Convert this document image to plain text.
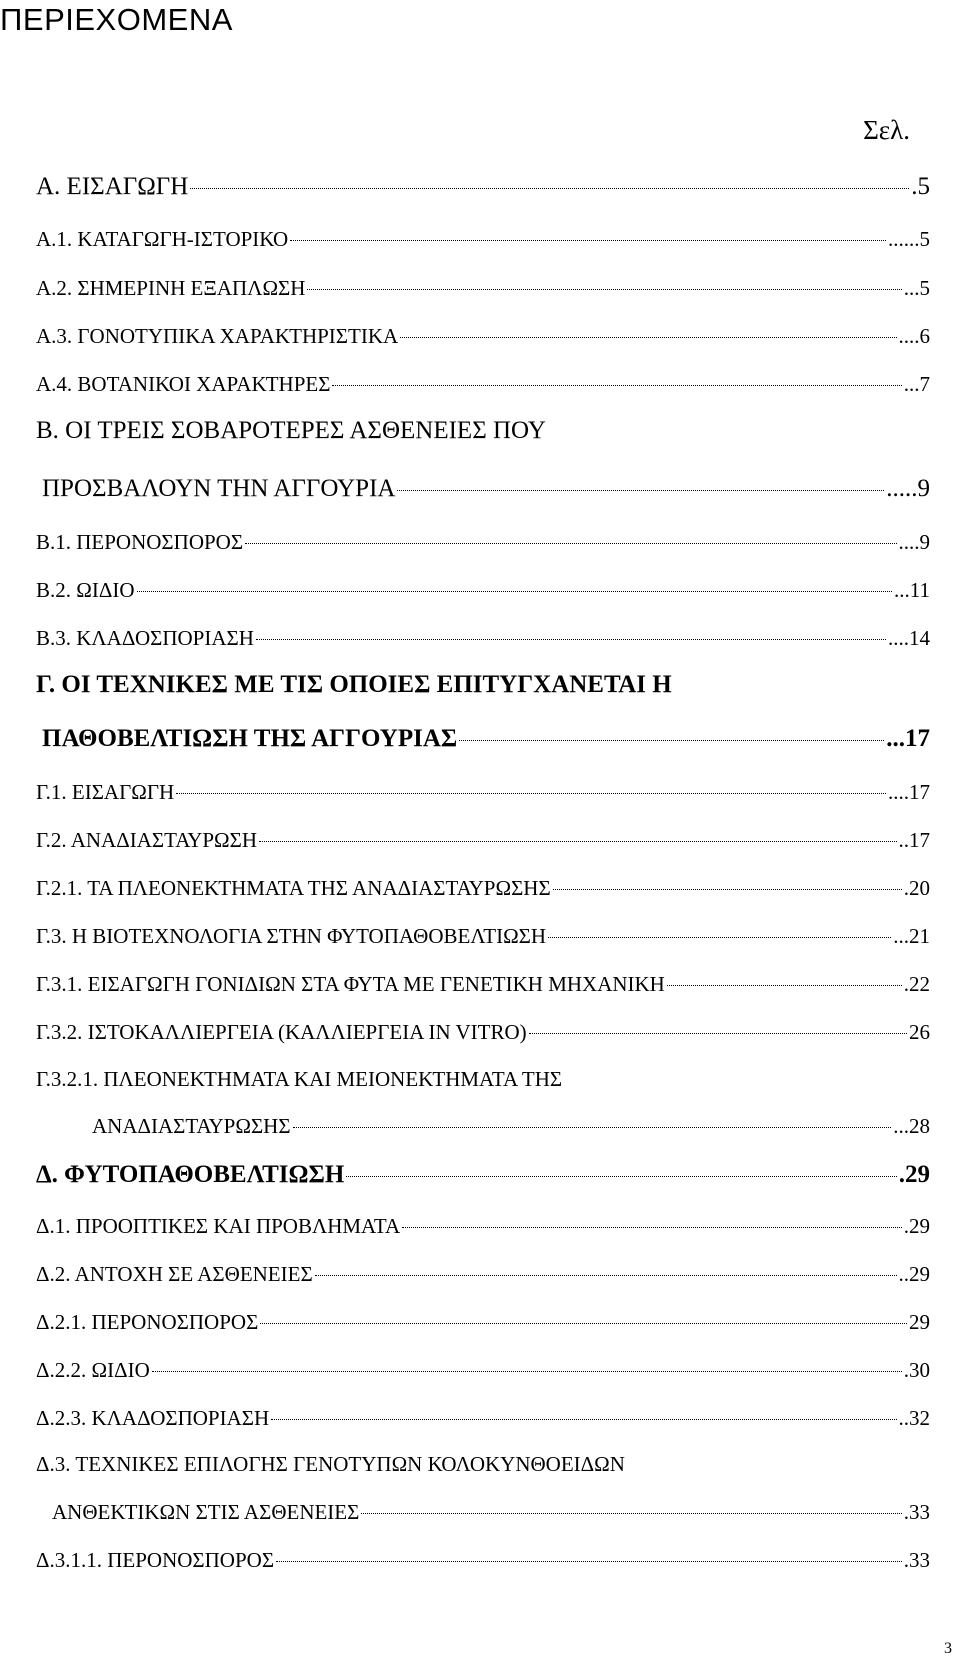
ΠΕΡΙΕΧΟΜΕΝΑ
Σελ.
Α. ΕΙΣΑΓΩΓΗ	.5
Α.1. ΚΑΤΑΓΩΓΗ-ΙΣΤΟΡΙΚΟ	......5
Α.2. ΣΗΜΕΡΙΝΗ ΕΞΑΠΛΩΣΗ	...5
Α.3. ΓΟΝΟΤΥΠΙΚΑ ΧΑΡΑΚΤΗΡΙΣΤΙΚΑ	....6
Α.4. ΒΟΤΑΝΙΚΟΙ ΧΑΡΑΚΤΗΡΕΣ	...7
Β. ΟΙ ΤΡΕΙΣ ΣΟΒΑΡΟΤΕΡΕΣ ΑΣΘΕΝΕΙΕΣ ΠΟΥ
ΠΡΟΣΒΑΛΟΥΝ ΤΗΝ ΑΓΓΟΥΡΙΑ	.....9
Β.1. ΠΕΡΟΝΟΣΠΟΡΟΣ	....9
Β.2. ΩΙΔΙΟ	...11
Β.3. ΚΛΑΔΟΣΠΟΡΙΑΣΗ	....14
Γ. ΟΙ ΤΕΧΝΙΚΕΣ ΜΕ ΤΙΣ ΟΠΟΙΕΣ ΕΠΙΤΥΓΧΑΝΕΤΑΙ Η
ΠΑΘΟΒΕΛΤΙΩΣΗ ΤΗΣ ΑΓΓΟΥΡΙΑΣ	...17
Γ.1. ΕΙΣΑΓΩΓΗ	....17
Γ.2. ΑΝΑΔΙΑΣΤΑΥΡΩΣΗ	..17
Γ.2.1. ΤΑ ΠΛΕΟΝΕΚΤΗΜΑΤΑ ΤΗΣ ΑΝΑΔΙΑΣΤΑΥΡΩΣΗΣ	.20
Γ.3. Η ΒΙΟΤΕΧΝΟΛΟΓΙΑ ΣΤΗΝ ΦΥΤΟΠΑΘΟΒΕΛΤΙΩΣΗ	...21
Γ.3.1. ΕΙΣΑΓΩΓΗ ΓΟΝΙΔΙΩΝ ΣΤΑ ΦΥΤΑ ΜΕ ΓΕΝΕΤΙΚΗ ΜΗΧΑΝΙΚΗ	.22
Γ.3.2. ΙΣΤΟΚΑΛΛΙΕΡΓΕΙΑ (ΚΑΛΛΙΕΡΓΕΙΑ IN VITRO)	26
Γ.3.2.1. ΠΛΕΟΝΕΚΤΗΜΑΤΑ ΚΑΙ ΜΕΙΟΝΕΚΤΗΜΑΤΑ ΤΗΣ
ΑΝΑΔΙΑΣΤΑΥΡΩΣΗΣ	...28
Δ. ΦΥΤΟΠΑΘΟΒΕΛΤΙΩΣΗ	.29
Δ.1. ΠΡΟΟΠΤΙΚΕΣ ΚΑΙ ΠΡΟΒΛΗΜΑΤΑ	.29
Δ.2. ΑΝΤΟΧΗ ΣΕ ΑΣΘΕΝΕΙΕΣ	..29
Δ.2.1. ΠΕΡΟΝΟΣΠΟΡΟΣ	29
Δ.2.2. ΩΙΔΙΟ	.30
Δ.2.3. ΚΛΑΔΟΣΠΟΡΙΑΣΗ	..32
Δ.3. ΤΕΧΝΙΚΕΣ ΕΠΙΛΟΓΗΣ ΓΕΝΟΤΥΠΩΝ ΚΟΛΟΚΥΝΘΟΕΙΔΩΝ
ΑΝΘΕΚΤΙΚΩΝ ΣΤΙΣ ΑΣΘΕΝΕΙΕΣ	.33
Δ.3.1.1. ΠΕΡΟΝΟΣΠΟΡΟΣ	.33
3
